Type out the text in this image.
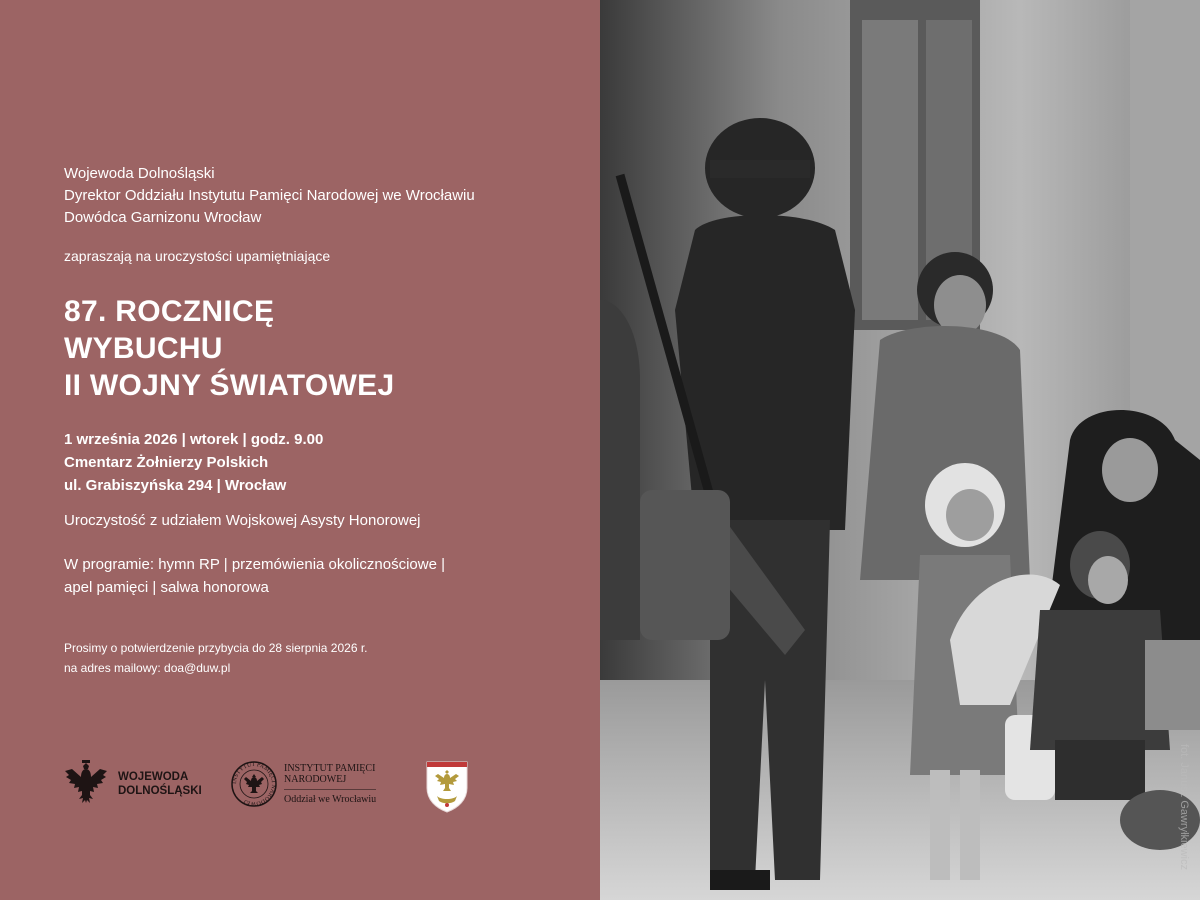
Wojewoda Dolnośląski
Dyrektor Oddziału Instytutu Pamięci Narodowej we Wrocławiu
Dowódca Garnizonu Wrocław
zapraszają na uroczystości upamiętniające
87. ROCZNICĘ
WYBUCHU
II WOJNY ŚWIATOWEJ
1 września 2026 | wtorek | godz. 9.00
Cmentarz Żołnierzy Polskich
ul. Grabiszyńska 294 | Wrocław
Uroczystość z udziałem Wojskowej Asysty Honorowej
W programie: hymn RP | przemówienia okolicznościowe |
apel pamięci | salwa honorowa
Prosimy o potwierdzenie przybycia do 28 sierpnia 2026 r.
na adres mailowy: doa@duw.pl
WOJEWODA
DOLNOŚLĄSKI
INSTYTUT PAMIĘCI NARODOWEJ
INSTYTUT PAMIĘCI
NARODOWEJ
Oddział we Wrocławiu	fot. Janusz Gawryłkiewicz
